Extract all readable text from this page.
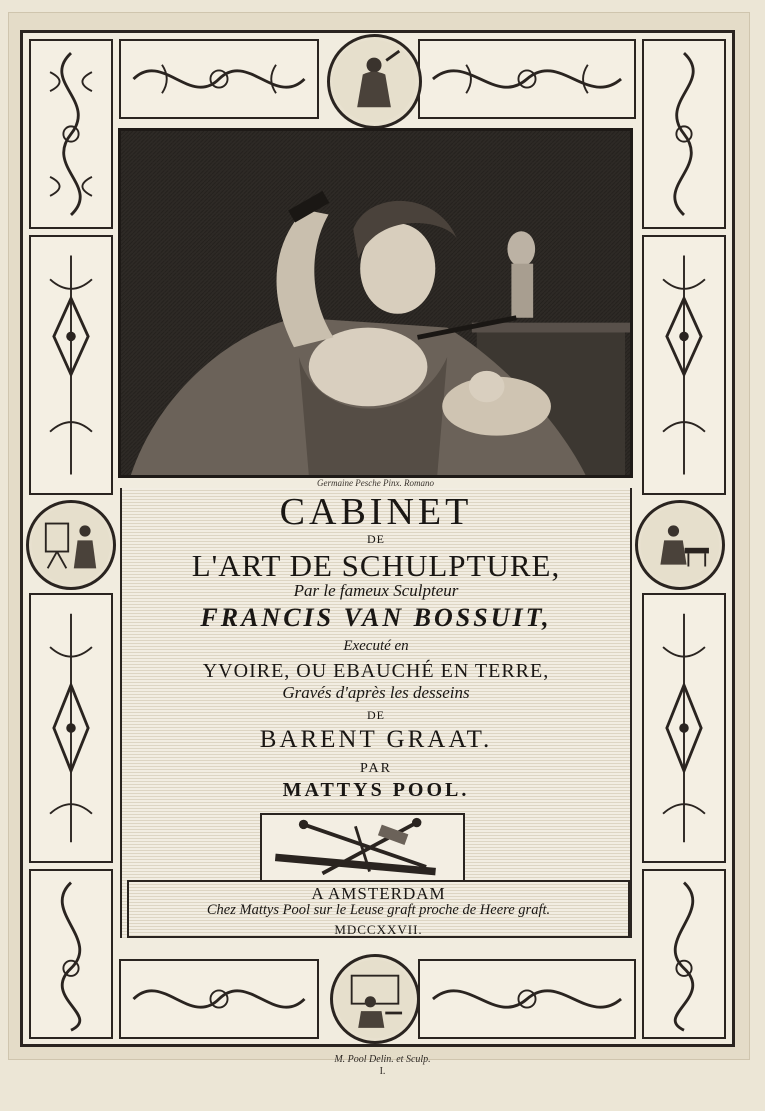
Germaine Pesche Pinx. Romano
CABINET
DE
L'ART DE SCHULPTURE,
Par le fameux Sculpteur
FRANCIS VAN BOSSUIT,
Executé en
YVOIRE, OU EBAUCHÉ EN TERRE,
Gravés d'après les desseins
DE
BARENT GRAAT.
PAR
MATTYS POOL.
A AMSTERDAM
Chez Mattys Pool sur le Leuse graft proche de Heere graft.
MDCCXXVII.
M. Pool Delin. et Sculp.
I.
